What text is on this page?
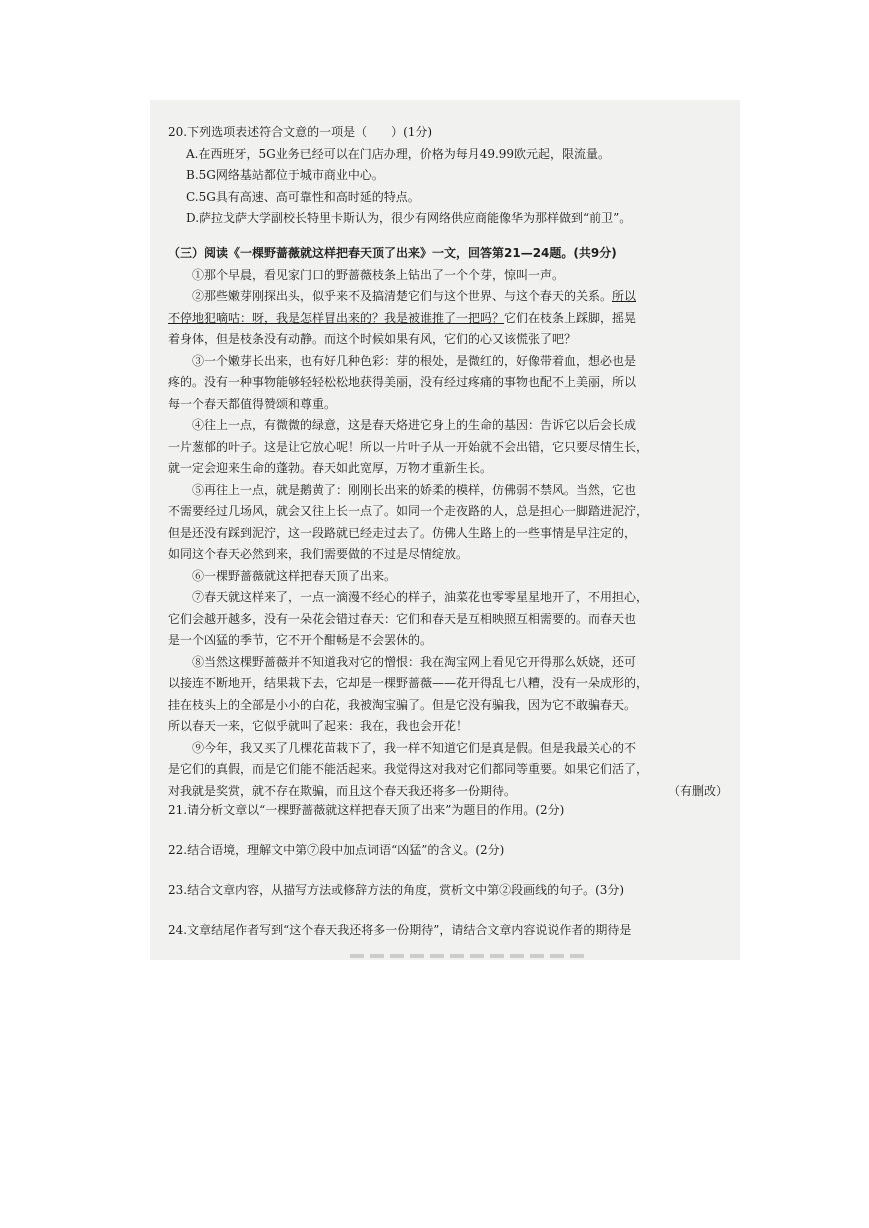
20.下列选项表述符合文意的一项是（　　）(1分)
A.在西班牙，5G业务已经可以在门店办理，价格为每月49.99欧元起，限流量。
B.5G网络基站都位于城市商业中心。
C.5G具有高速、高可靠性和高时延的特点。
D.萨拉戈萨大学副校长特里卡斯认为，很少有网络供应商能像华为那样做到“前卫”。
（三）阅读《一棵野蔷薇就这样把春天顶了出来》一文，回答第21—24题。(共9分)
①那个早晨，看见家门口的野蔷薇枝条上钻出了一个个芽，惊叫一声。
②那些嫩芽刚探出头，似乎来不及搞清楚它们与这个世界、与这个春天的关系。所以
不停地犯嘀咕：呀，我是怎样冒出来的？我是被谁推了一把吗？它们在枝条上踩脚，摇晃
着身体，但是枝条没有动静。而这个时候如果有风，它们的心又该慌张了吧？
③一个嫩芽长出来，也有好几种色彩：芽的根处，是微红的，好像带着血，想必也是
疼的。没有一种事物能够轻轻松松地获得美丽，没有经过疼痛的事物也配不上美丽，所以
每一个春天都值得赞颂和尊重。
④往上一点，有微微的绿意，这是春天烙进它身上的生命的基因：告诉它以后会长成
一片葱郁的叶子。这是让它放心呢！所以一片叶子从一开始就不会出错，它只要尽情生长，
就一定会迎来生命的蓬勃。春天如此宽厚，万物才重新生长。
⑤再往上一点，就是鹅黄了：刚刚长出来的娇柔的模样，仿佛弱不禁风。当然，它也
不需要经过几场风，就会又往上长一点了。如同一个走夜路的人，总是担心一脚踏进泥泞，
但是还没有踩到泥泞，这一段路就已经走过去了。仿佛人生路上的一些事情是早注定的，
如同这个春天必然到来，我们需要做的不过是尽情绽放。
⑥一棵野蔷薇就这样把春天顶了出来。
⑦春天就这样来了，一点一滴漫不经心的样子，油菜花也零零星星地开了，不用担心，
它们会越开越多，没有一朵花会错过春天：它们和春天是互相映照互相需要的。而春天也
是一个凶猛的季节，它不开个酣畅是不会罢休的。
⑧当然这棵野蔷薇并不知道我对它的憎恨：我在淘宝网上看见它开得那么妖娆，还可
以接连不断地开，结果栽下去，它却是一棵野蔷薇——花开得乱七八糟，没有一朵成形的，
挂在枝头上的全部是小小的白花，我被淘宝骗了。但是它没有骗我，因为它不敢骗春天。
所以春天一来，它似乎就叫了起来：我在，我也会开花！
⑨今年，我又买了几棵花苗栽下了，我一样不知道它们是真是假。但是我最关心的不
是它们的真假，而是它们能不能活起来。我觉得这对我对它们都同等重要。如果它们活了，
对我就是奖赏，就不存在欺骗，而且这个春天我还将多一份期待。	（有删改）
21.请分析文章以“一棵野蔷薇就这样把春天顶了出来”为题目的作用。(2分)
22.结合语境，理解文中第⑦段中加点词语“凶猛”的含义。(2分)
23.结合文章内容，从描写方法或修辞方法的角度，赏析文中第②段画线的句子。(3分)
24.文章结尾作者写到“这个春天我还将多一份期待”，请结合文章内容说说作者的期待是
